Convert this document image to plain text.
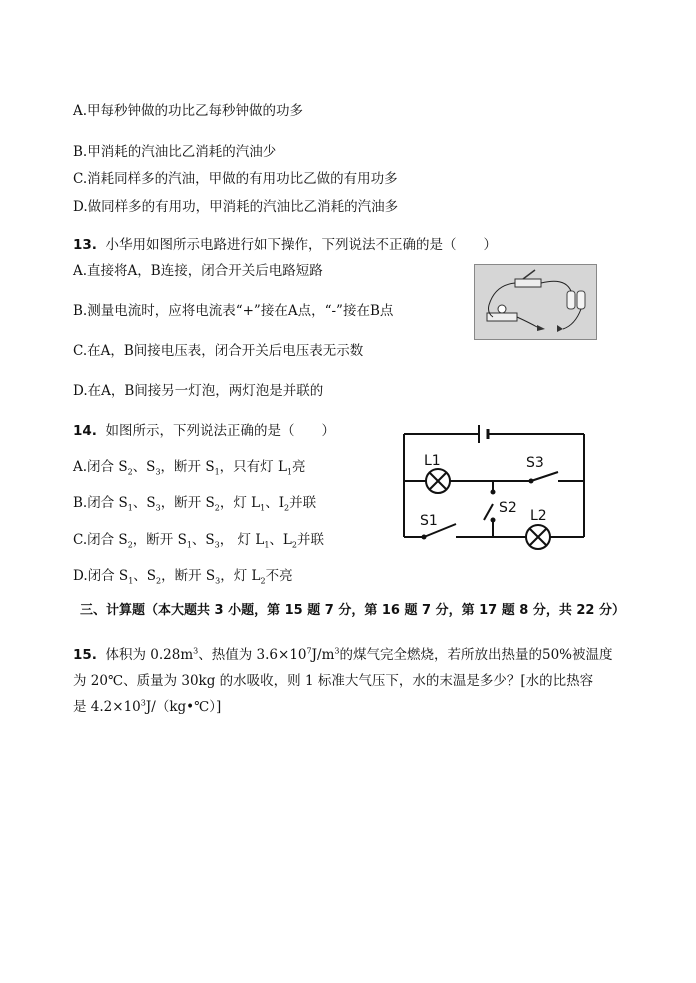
A.甲每秒钟做的功比乙每秒钟做的功多
B.甲消耗的汽油比乙消耗的汽油少
C.消耗同样多的汽油，甲做的有用功比乙做的有用功多
D.做同样多的有用功，甲消耗的汽油比乙消耗的汽油多
13. 小华用如图所示电路进行如下操作，下列说法不正确的是（　　）
A.直接将A，B连接，闭合开关后电路短路
B.测量电流时，应将电流表“+”接在A点，“-”接在B点
C.在A，B间接电压表，闭合开关后电压表无示数
D.在A，B间接另一灯泡，两灯泡是并联的
14. 如图所示，下列说法正确的是（　　）
A.闭合 $S_2$、$S_3$，断开 $S_1$，只有灯 $L_1$亮
B.闭合 $S_1$、$S_3$，断开 $S_2$，灯 $L_1$、$I_2$并联
C.闭合 $S_2$，断开 $S_1$、$S_3$， 灯 $L_1$、$L_2$并联
D.闭合 $S_1$、$S_2$，断开 $S_3$，灯 $L_2$不亮
L1	S3
S2
S1	L2
三、计算题（本大题共 3 小题，第 15 题 7 分，第 16 题 7 分，第 17 题 8 分，共 22 分）
15. 体积为 $0.28m^3$、热值为 $3.6\times 10^7J/m^3$的煤气完全燃烧，若所放出热量的50%被温度
为 20℃、质量为 30kg 的水吸收，则 1 标准大气压下，水的末温是多少？[水的比热容
是 $4.2\times 10^3J/(kg•℃)$]
